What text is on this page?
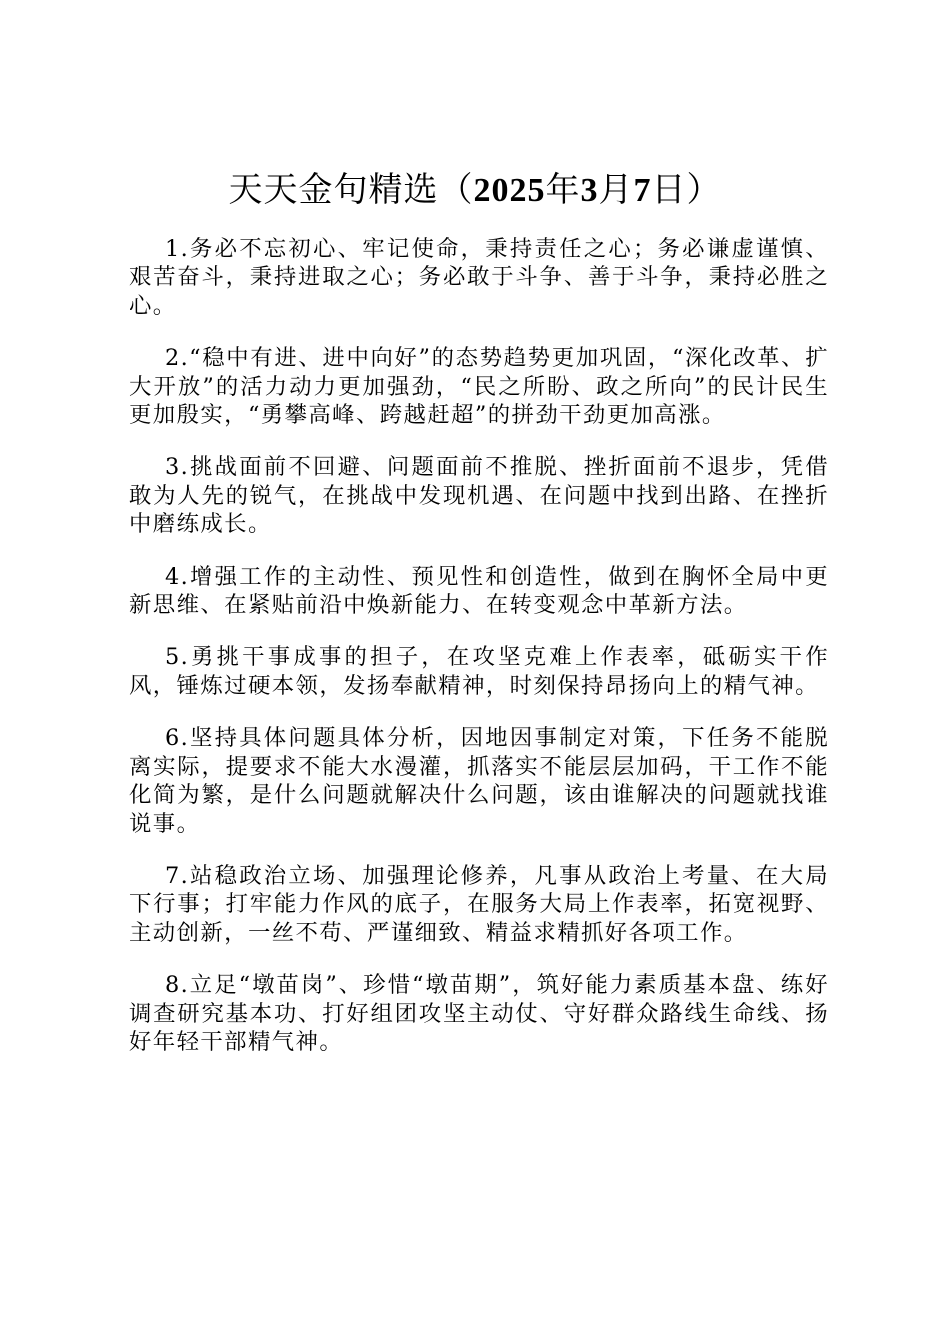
天天金句精选（2025年3月7日）

1.务必不忘初心、牢记使命，秉持责任之心；务必谦虚谨慎、艰苦奋斗，秉持进取之心；务必敢于斗争、善于斗争，秉持必胜之心。

2.“稳中有进、进中向好”的态势趋势更加巩固，“深化改革、扩大开放”的活力动力更加强劲，“民之所盼、政之所向”的民计民生更加殷实，“勇攀高峰、跨越赶超”的拼劲干劲更加高涨。

3.挑战面前不回避、问题面前不推脱、挫折面前不退步，凭借敢为人先的锐气，在挑战中发现机遇、在问题中找到出路、在挫折中磨练成长。

4.增强工作的主动性、预见性和创造性，做到在胸怀全局中更新思维、在紧贴前沿中焕新能力、在转变观念中革新方法。

5.勇挑干事成事的担子，在攻坚克难上作表率，砥砺实干作风，锤炼过硬本领，发扬奉献精神，时刻保持昂扬向上的精气神。

6.坚持具体问题具体分析，因地因事制定对策，下任务不能脱离实际，提要求不能大水漫灌，抓落实不能层层加码，干工作不能化简为繁，是什么问题就解决什么问题，该由谁解决的问题就找谁说事。

7.站稳政治立场、加强理论修养，凡事从政治上考量、在大局下行事；打牢能力作风的底子，在服务大局上作表率，拓宽视野、主动创新，一丝不苟、严谨细致、精益求精抓好各项工作。

8.立足“墩苗岗”、珍惜“墩苗期”，筑好能力素质基本盘、练好调查研究基本功、打好组团攻坚主动仗、守好群众路线生命线、扬好年轻干部精气神。
